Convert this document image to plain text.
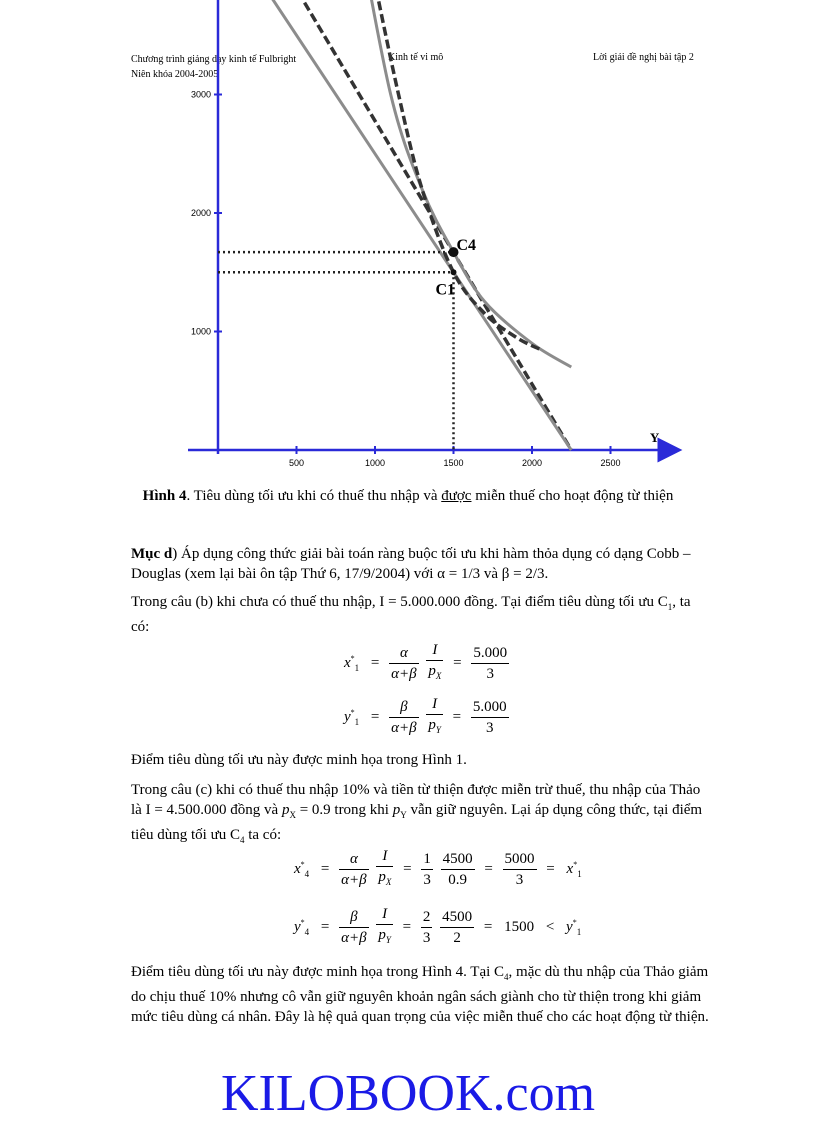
Chương trình giảng dạy kinh tế Fulbright
Niên khóa 2004-2005
Kinh tế vi mô	Lời giải đề nghị bài tập 2
Y
500	1000	1500	2000	2500
1000
2000
3000
C4
C1
Hình 4. Tiêu dùng tối ưu khi có thuế thu nhập và được miễn thuế cho hoạt động từ thiện
Mục d) Áp dụng công thức giải bài toán ràng buộc tối ưu khi hàm thỏa dụng có dạng Cobb – Douglas (xem lại bài ôn tập Thứ 6, 17/9/2004) với α = 1/3 và β = 2/3.
Trong câu (b) khi chưa có thuế thu nhập, I = 5.000.000 đồng. Tại điểm tiêu dùng tối ưu $C_1$, ta có:
$x^*_1 = \frac{\alpha}{\alpha+\beta}$
$\frac{I}{p_X} = \frac{5.000}{3}$
$y^*_1 = \frac{\beta}{\alpha+\beta}$
$\frac{I}{p_Y} = \frac{5.000}{3}$
Điểm tiêu dùng tối ưu này được minh họa trong Hình 1.
Trong câu (c) khi có thuế thu nhập 10% và tiền từ thiện được miễn trừ thuế, thu nhập của Thảo là I = 4.500.000 đồng và $p_X = 0.9$ trong khi $p_Y$ vẫn giữ nguyên. Lại áp dụng công thức, tại điểm tiêu dùng tối ưu $C_4$ ta có:
$x^*_4 = \frac{\alpha}{\alpha+\beta}$
$\frac{I}{p_X} = \frac{1}{3}$
$\frac{4500}{0.9} = \frac{5000}{3} = x^*_1$
$y^*_4 = \frac{\beta}{\alpha+\beta}$
$\frac{I}{p_Y} = \frac{2}{3}$
$\frac{4500}{2} = 1500 < y^*_1$
Điểm tiêu dùng tối ưu này được minh họa trong Hình 4. Tại $C_4$, mặc dù thu nhập của Thảo giảm do chịu thuế 10% nhưng cô vẫn giữ nguyên khoản ngân sách giành cho từ thiện trong khi giảm mức tiêu dùng cá nhân. Đây là hệ quả quan trọng của việc miễn thuế cho các hoạt động từ thiện.
KILOBOOK.com
